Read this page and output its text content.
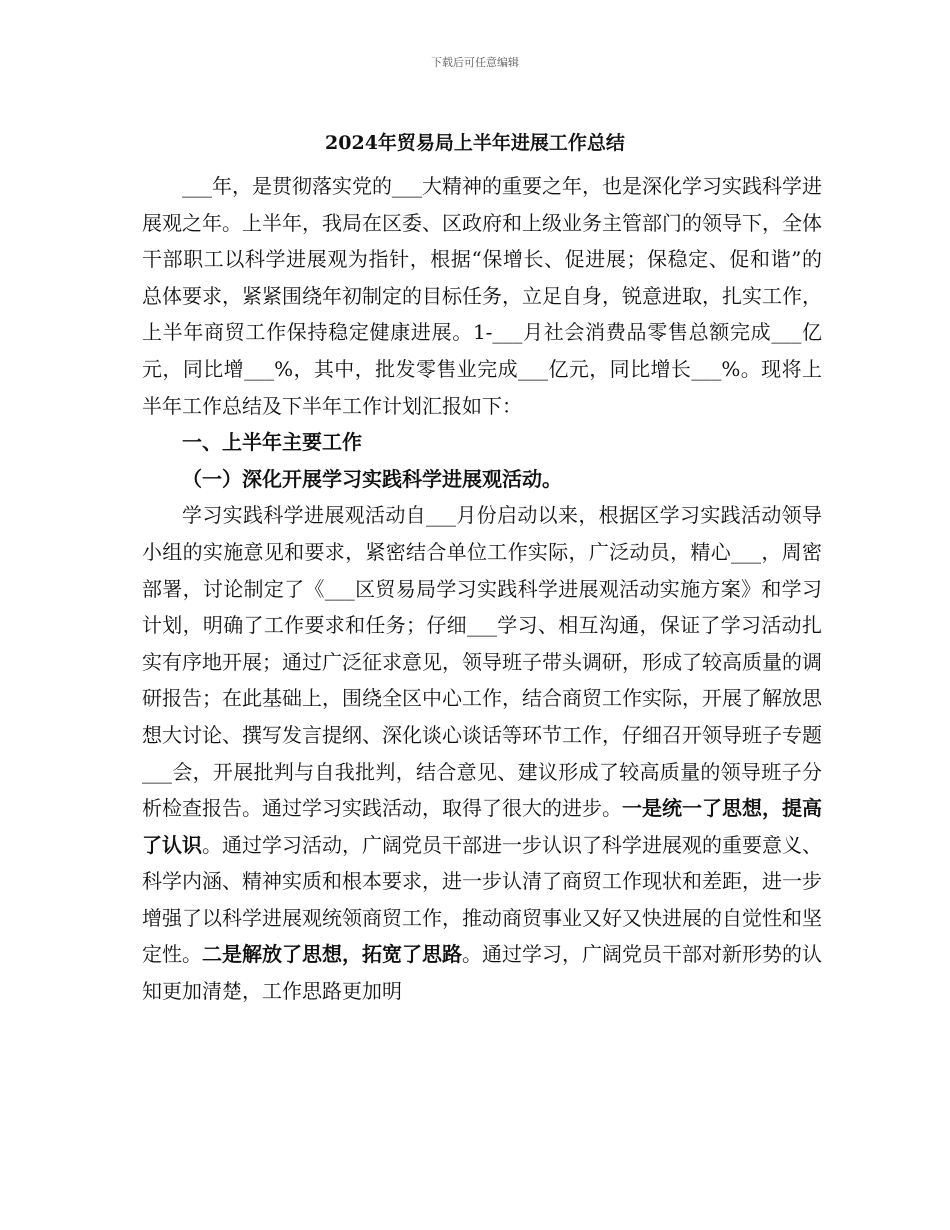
下载后可任意编辑
2024年贸易局上半年进展工作总结

___年，是贯彻落实党的___大精神的重要之年，也是深化学习实践科学进展观之年。上半年，我局在区委、区政府和上级业务主管部门的领导下，全体干部职工以科学进展观为指针，根据“保增长、促进展；保稳定、促和谐”的总体要求，紧紧围绕年初制定的目标任务，立足自身，锐意进取，扎实工作，上半年商贸工作保持稳定健康进展。1-___月社会消费品零售总额完成___亿元，同比增___%，其中，批发零售业完成___亿元，同比增长___%。现将上半年工作总结及下半年工作计划汇报如下：

一、上半年主要工作

（一）深化开展学习实践科学进展观活动。

学习实践科学进展观活动自___月份启动以来，根据区学习实践活动领导小组的实施意见和要求，紧密结合单位工作实际，广泛动员，精心___，周密部署，讨论制定了《___区贸易局学习实践科学进展观活动实施方案》和学习计划，明确了工作要求和任务；仔细___学习、相互沟通，保证了学习活动扎实有序地开展；通过广泛征求意见，领导班子带头调研，形成了较高质量的调研报告；在此基础上，围绕全区中心工作，结合商贸工作实际，开展了解放思想大讨论、撰写发言提纲、深化谈心谈话等环节工作，仔细召开领导班子专题___会，开展批判与自我批判，结合意见、建议形成了较高质量的领导班子分析检查报告。通过学习实践活动，取得了很大的进步。一是统一了思想，提高了认识。通过学习活动，广阔党员干部进一步认识了科学进展观的重要意义、科学内涵、精神实质和根本要求，进一步认清了商贸工作现状和差距，进一步增强了以科学进展观统领商贸工作，推动商贸事业又好又快进展的自觉性和坚定性。二是解放了思想，拓宽了思路。通过学习，广阔党员干部对新形势的认知更加清楚，工作思路更加明
